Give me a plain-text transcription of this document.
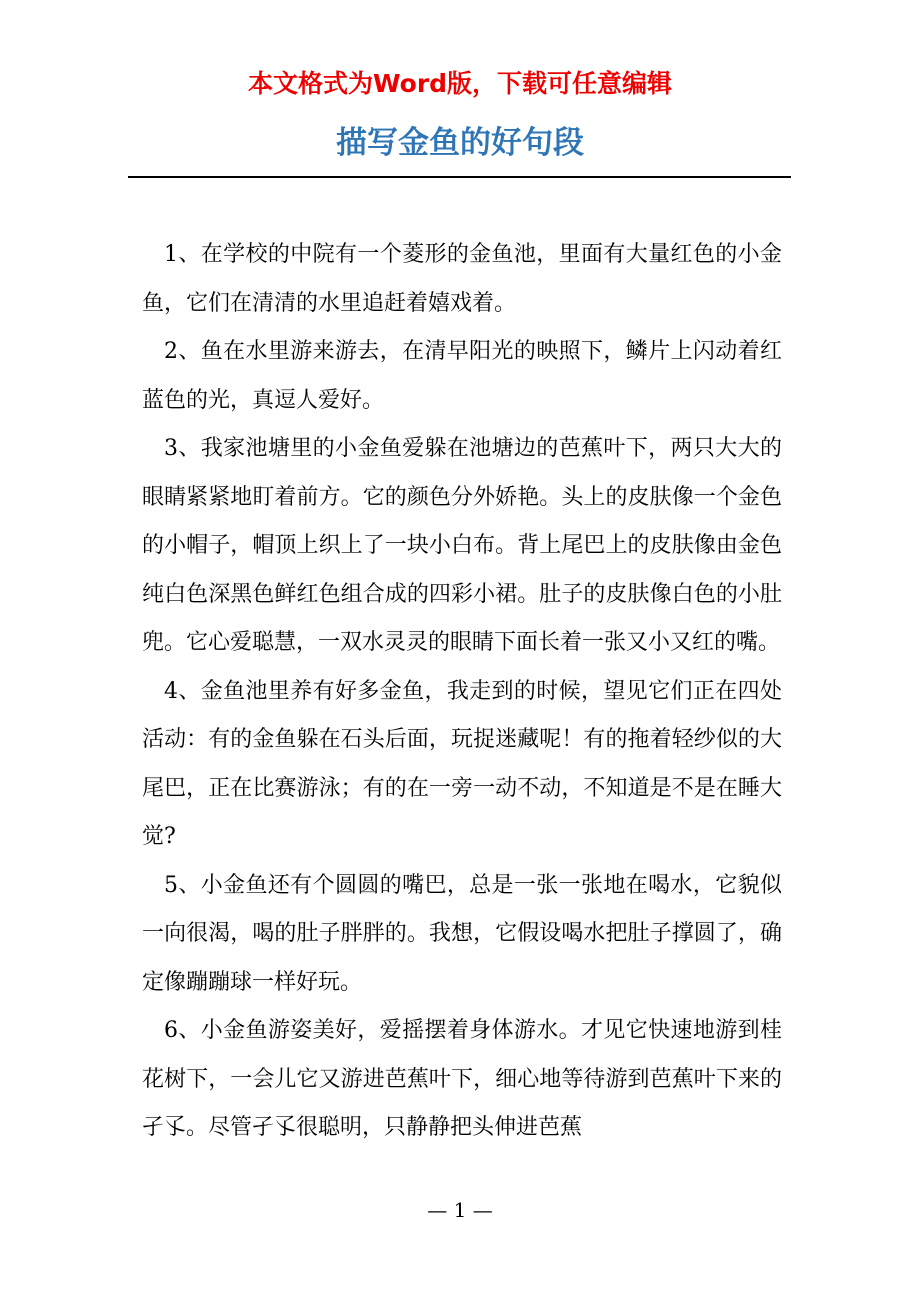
本文格式为Word版，下载可任意编辑
描写金鱼的好句段

1、在学校的中院有一个菱形的金鱼池，里面有大量红色的小金鱼，它们在清清的水里追赶着嬉戏着。

2、鱼在水里游来游去，在清早阳光的映照下，鳞片上闪动着红蓝色的光，真逗人爱好。

3、我家池塘里的小金鱼爱躲在池塘边的芭蕉叶下，两只大大的眼睛紧紧地盯着前方。它的颜色分外娇艳。头上的皮肤像一个金色的小帽子，帽顶上织上了一块小白布。背上尾巴上的皮肤像由金色纯白色深黑色鲜红色组合成的四彩小裙。肚子的皮肤像白色的小肚兜。它心爱聪慧，一双水灵灵的眼睛下面长着一张又小又红的嘴。

4、金鱼池里养有好多金鱼，我走到的时候，望见它们正在四处活动：有的金鱼躲在石头后面，玩捉迷藏呢！有的拖着轻纱似的大尾巴，正在比赛游泳；有的在一旁一动不动，不知道是不是在睡大觉?

5、小金鱼还有个圆圆的嘴巴，总是一张一张地在喝水，它貌似一向很渴，喝的肚子胖胖的。我想，它假设喝水把肚子撑圆了，确定像蹦蹦球一样好玩。

6、小金鱼游姿美好，爱摇摆着身体游水。才见它快速地游到桂花树下，一会儿它又游进芭蕉叶下，细心地等待游到芭蕉叶下来的孑孓。尽管孑孓很聪明，只静静把头伸进芭蕉

— 1 —
